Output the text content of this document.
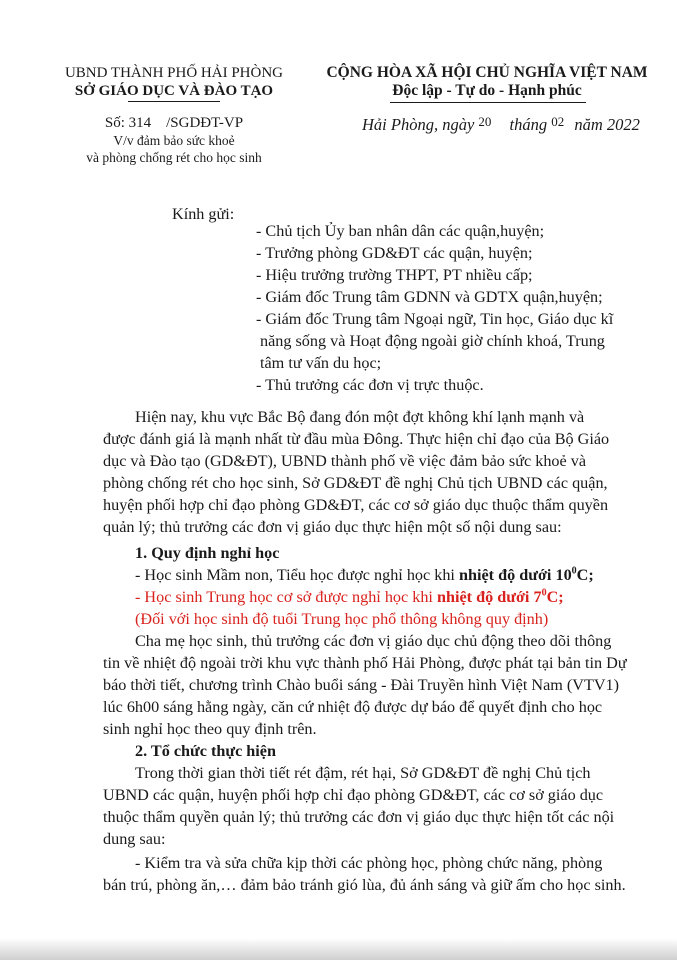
UBND THÀNH PHỐ HẢI PHÒNG
SỞ GIÁO DỤC VÀ ĐÀO TẠO
CỘNG HÒA XÃ HỘI CHỦ NGHĨA VIỆT NAM
Độc lập - Tự do - Hạnh phúc
Số: 314    /SGDĐT-VP
V/v đảm bảo sức khoẻ
và phòng chống rét cho học sinh
Hải Phòng, ngày $^{20}$ tháng $^{02}$ năm 2022
Kính gửi:
- Chủ tịch Ủy ban nhân dân các quận,huyện;
- Trưởng phòng GD&ĐT các quận, huyện;
- Hiệu trưởng trường THPT, PT nhiều cấp;
- Giám đốc Trung tâm GDNN và GDTX quận,huyện;
- Giám đốc Trung tâm Ngoại ngữ, Tin học, Giáo dục kĩ
năng sống và Hoạt động ngoài giờ chính khoá, Trung
tâm tư vấn du học;
- Thủ trưởng các đơn vị trực thuộc.
Hiện nay, khu vực Bắc Bộ đang đón một đợt không khí lạnh mạnh và
được đánh giá là mạnh nhất từ đầu mùa Đông. Thực hiện chỉ đạo của Bộ Giáo
dục và Đào tạo (GD&ĐT), UBND thành phố về việc đảm bảo sức khoẻ và
phòng chống rét cho học sinh, Sở GD&ĐT đề nghị Chủ tịch UBND các quận,
huyện phối hợp chỉ đạo phòng GD&ĐT, các cơ sở giáo dục thuộc thẩm quyền
quản lý; thủ trưởng các đơn vị giáo dục thực hiện một số nội dung sau:
1. Quy định nghỉ học
- Học sinh Mầm non, Tiểu học được nghỉ học khi nhiệt độ dưới $10^0C$;
- Học sinh Trung học cơ sở được nghỉ học khi nhiệt độ dưới $7^0C$;
(Đối với học sinh độ tuổi Trung học phổ thông không quy định)
Cha mẹ học sinh, thủ trưởng các đơn vị giáo dục chủ động theo dõi thông
tin về nhiệt độ ngoài trời khu vực thành phố Hải Phòng, được phát tại bản tin Dự
báo thời tiết, chương trình Chào buổi sáng - Đài Truyền hình Việt Nam (VTV1)
lúc 6h00 sáng hằng ngày, căn cứ nhiệt độ được dự báo để quyết định cho học
sinh nghỉ học theo quy định trên.
2. Tổ chức thực hiện
Trong thời gian thời tiết rét đậm, rét hại, Sở GD&ĐT đề nghị Chủ tịch
UBND các quận, huyện phối hợp chỉ đạo phòng GD&ĐT, các cơ sở giáo dục
thuộc thẩm quyền quản lý; thủ trưởng các đơn vị giáo dục thực hiện tốt các nội
dung sau:
- Kiểm tra và sửa chữa kịp thời các phòng học, phòng chức năng, phòng
bán trú, phòng ăn,… đảm bảo tránh gió lùa, đủ ánh sáng và giữ ấm cho học sinh.
